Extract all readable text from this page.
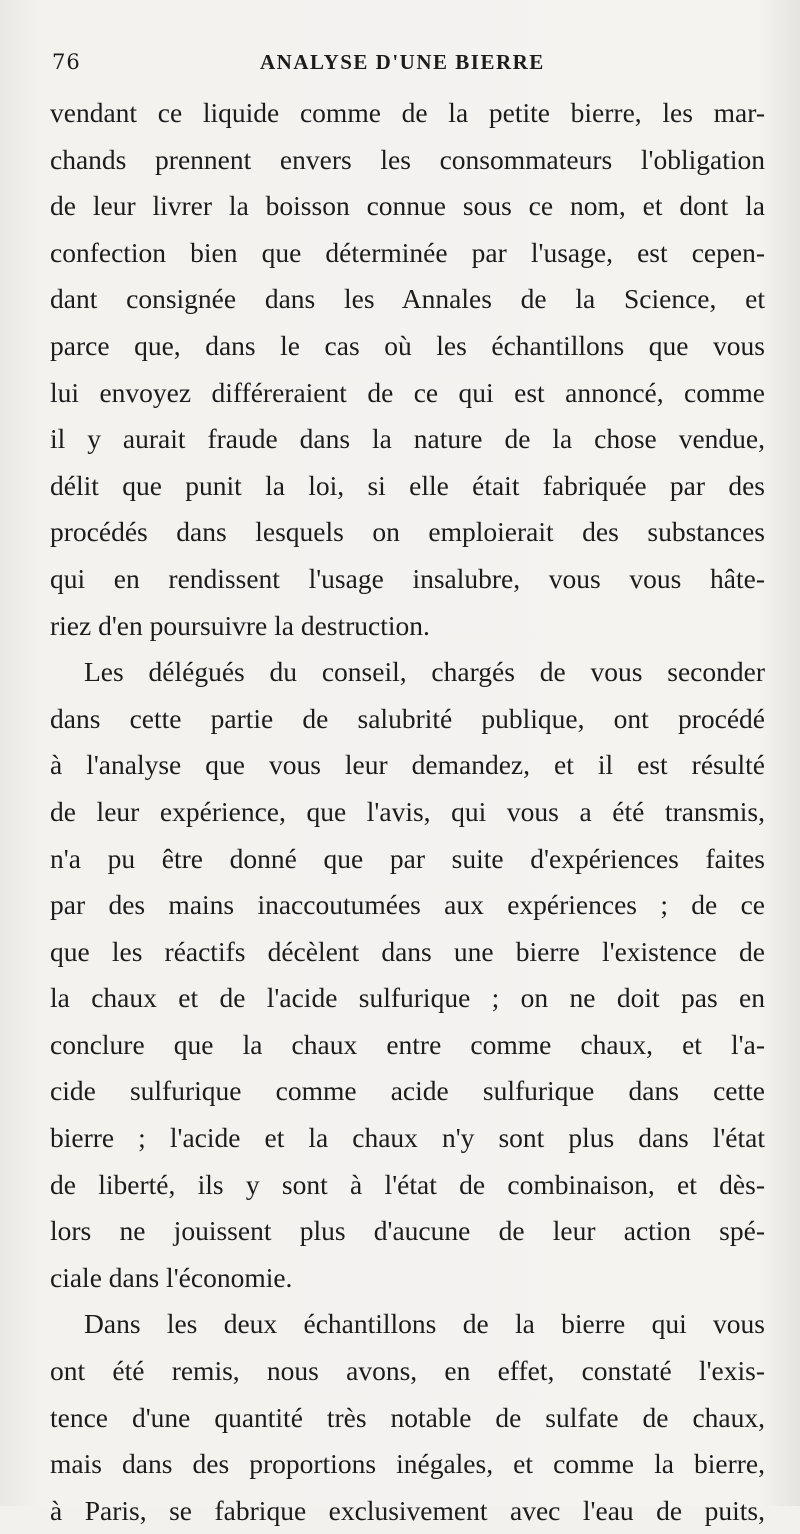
76	ANALYSE D'UNE BIERRE
vendant ce liquide comme de la petite bierre, les mar-
chands prennent envers les consommateurs l'obligation
de leur livrer la boisson connue sous ce nom, et dont la
confection bien que déterminée par l'usage, est cepen-
dant consignée dans les Annales de la Science, et
parce que, dans le cas où les échantillons que vous
lui envoyez différeraient de ce qui est annoncé, comme
il y aurait fraude dans la nature de la chose vendue,
délit que punit la loi, si elle était fabriquée par des
procédés dans lesquels on emploierait des substances
qui en rendissent l'usage insalubre, vous vous hâte-
riez d'en poursuivre la destruction.
Les délégués du conseil, chargés de vous seconder
dans cette partie de salubrité publique, ont procédé
à l'analyse que vous leur demandez, et il est résulté
de leur expérience, que l'avis, qui vous a été transmis,
n'a pu être donné que par suite d'expériences faites
par des mains inaccoutumées aux expériences ; de ce
que les réactifs décèlent dans une bierre l'existence de
la chaux et de l'acide sulfurique ; on ne doit pas en
conclure que la chaux entre comme chaux, et l'a-
cide sulfurique comme acide sulfurique dans cette
bierre ; l'acide et la chaux n'y sont plus dans l'état
de liberté, ils y sont à l'état de combinaison, et dès-
lors ne jouissent plus d'aucune de leur action spé-
ciale dans l'économie.
Dans les deux échantillons de la bierre qui vous
ont été remis, nous avons, en effet, constaté l'exis-
tence d'une quantité très notable de sulfate de chaux,
mais dans des proportions inégales, et comme la bierre,
à Paris, se fabrique exclusivement avec l'eau de puits,
